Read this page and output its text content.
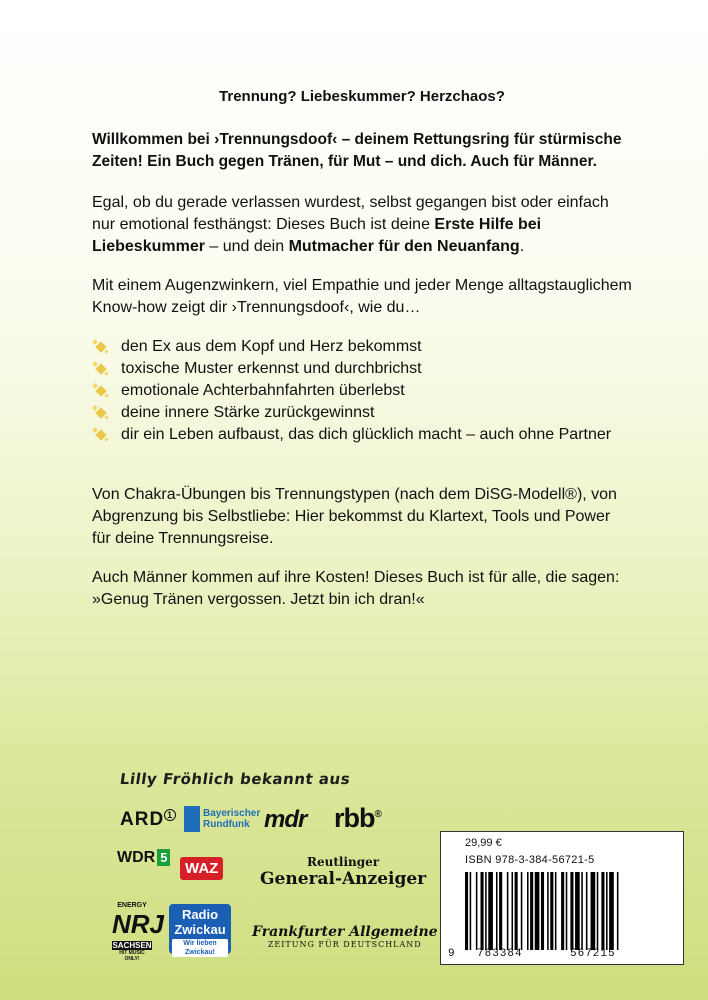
Trennung? Liebeskummer? Herzchaos?
Willkommen bei ›Trennungsdoof‹ – deinem Rettungsring für stürmische Zeiten! Ein Buch gegen Tränen, für Mut – und dich. Auch für Männer.
Egal, ob du gerade verlassen wurdest, selbst gegangen bist oder einfach nur emotional festhängst: Dieses Buch ist deine Erste Hilfe bei Liebeskummer – und dein Mutmacher für den Neuanfang.
Mit einem Augenzwinkern, viel Empathie und jeder Menge alltagstauglichem Know-how zeigt dir ›Trennungsdoof‹, wie du…
den Ex aus dem Kopf und Herz bekommst
toxische Muster erkennst und durchbrichst
emotionale Achterbahnfahrten überlebst
deine innere Stärke zurückgewinnst
dir ein Leben aufbaust, das dich glücklich macht – auch ohne Partner
Von Chakra-Übungen bis Trennungstypen (nach dem DiSG-Modell®), von Abgrenzung bis Selbstliebe: Hier bekommst du Klartext, Tools und Power für deine Trennungsreise.
Auch Männer kommen auf ihre Kosten! Dieses Buch ist für alle, die sagen: »Genug Tränen vergossen. Jetzt bin ich dran!«
Lilly Fröhlich bekannt aus
ARD $^1$	Bayerischer
Rundfunk mdr rbb®
WDR 5
WAZ	Reutlinger
General-Anzeiger
ENERGY
NRJ
SACHSEN
HIT MUSIC ONLY!
Radio
Zwickau
Wir lieben Zwickau!
Frankfurter Allgemeine
ZEITUNG FÜR DEUTSCHLAND
29,99 €
ISBN 978-3-384-56721-5
9 783384	567215
